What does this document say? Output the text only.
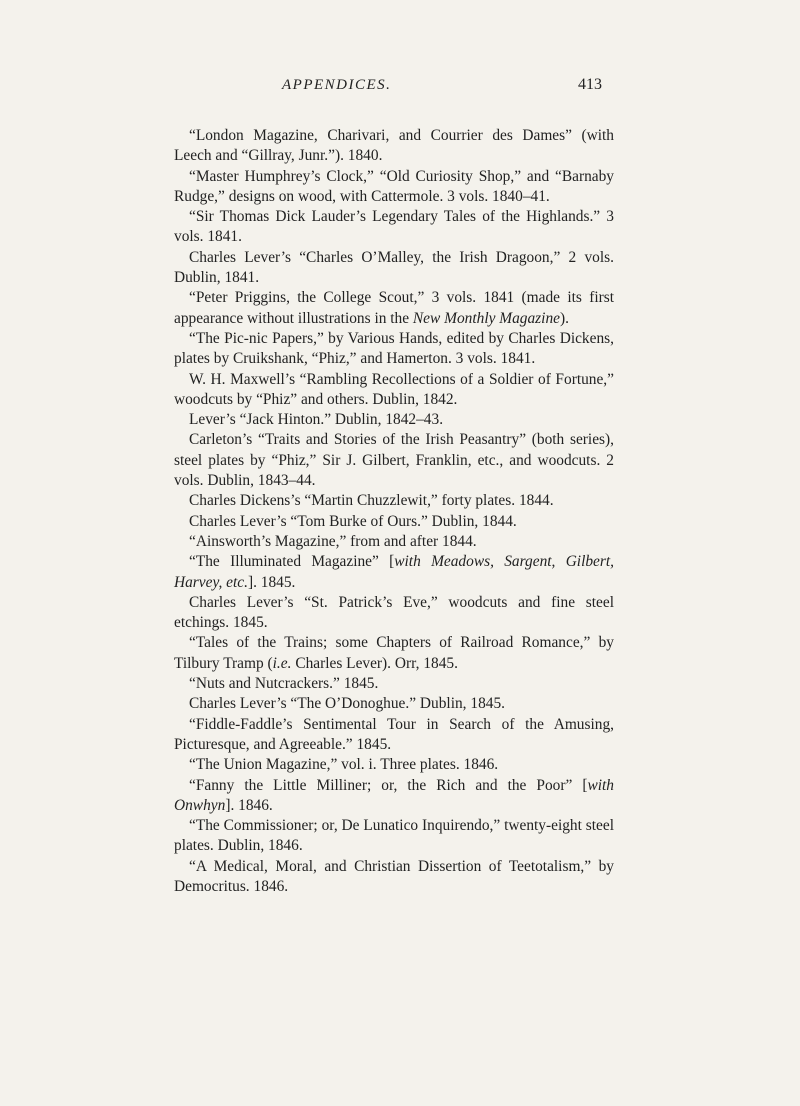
APPENDICES.	413

“London Magazine, Charivari, and Courrier des Dames” (with Leech and “Gillray, Junr.”). 1840.

“Master Humphrey’s Clock,” “Old Curiosity Shop,” and “Barnaby Rudge,” designs on wood, with Cattermole. 3 vols. 1840–41.

“Sir Thomas Dick Lauder’s Legendary Tales of the Highlands.” 3 vols. 1841.

Charles Lever’s “Charles O’Malley, the Irish Dragoon,” 2 vols. Dublin, 1841.

“Peter Priggins, the College Scout,” 3 vols. 1841 (made its first appearance without illustrations in the New Monthly Magazine).

“The Pic-nic Papers,” by Various Hands, edited by Charles Dickens, plates by Cruikshank, “Phiz,” and Hamerton. 3 vols. 1841.

W. H. Maxwell’s “Rambling Recollections of a Soldier of Fortune,” woodcuts by “Phiz” and others. Dublin, 1842.

Lever’s “Jack Hinton.” Dublin, 1842–43.

Carleton’s “Traits and Stories of the Irish Peasantry” (both series), steel plates by “Phiz,” Sir J. Gilbert, Franklin, etc., and woodcuts. 2 vols. Dublin, 1843–44.

Charles Dickens’s “Martin Chuzzlewit,” forty plates. 1844.

Charles Lever’s “Tom Burke of Ours.” Dublin, 1844.

“Ainsworth’s Magazine,” from and after 1844.

“The Illuminated Magazine” [with Meadows, Sargent, Gilbert, Harvey, etc.]. 1845.

Charles Lever’s “St. Patrick’s Eve,” woodcuts and fine steel etchings. 1845.

“Tales of the Trains; some Chapters of Railroad Romance,” by Tilbury Tramp (i.e. Charles Lever). Orr, 1845.

“Nuts and Nutcrackers.” 1845.

Charles Lever’s “The O’Donoghue.” Dublin, 1845.

“Fiddle-Faddle’s Sentimental Tour in Search of the Amusing, Picturesque, and Agreeable.” 1845.

“The Union Magazine,” vol. i. Three plates. 1846.

“Fanny the Little Milliner; or, the Rich and the Poor” [with Onwhyn]. 1846.

“The Commissioner; or, De Lunatico Inquirendo,” twenty-eight steel plates. Dublin, 1846.

“A Medical, Moral, and Christian Dissertion of Teetotalism,” by Democritus. 1846.
